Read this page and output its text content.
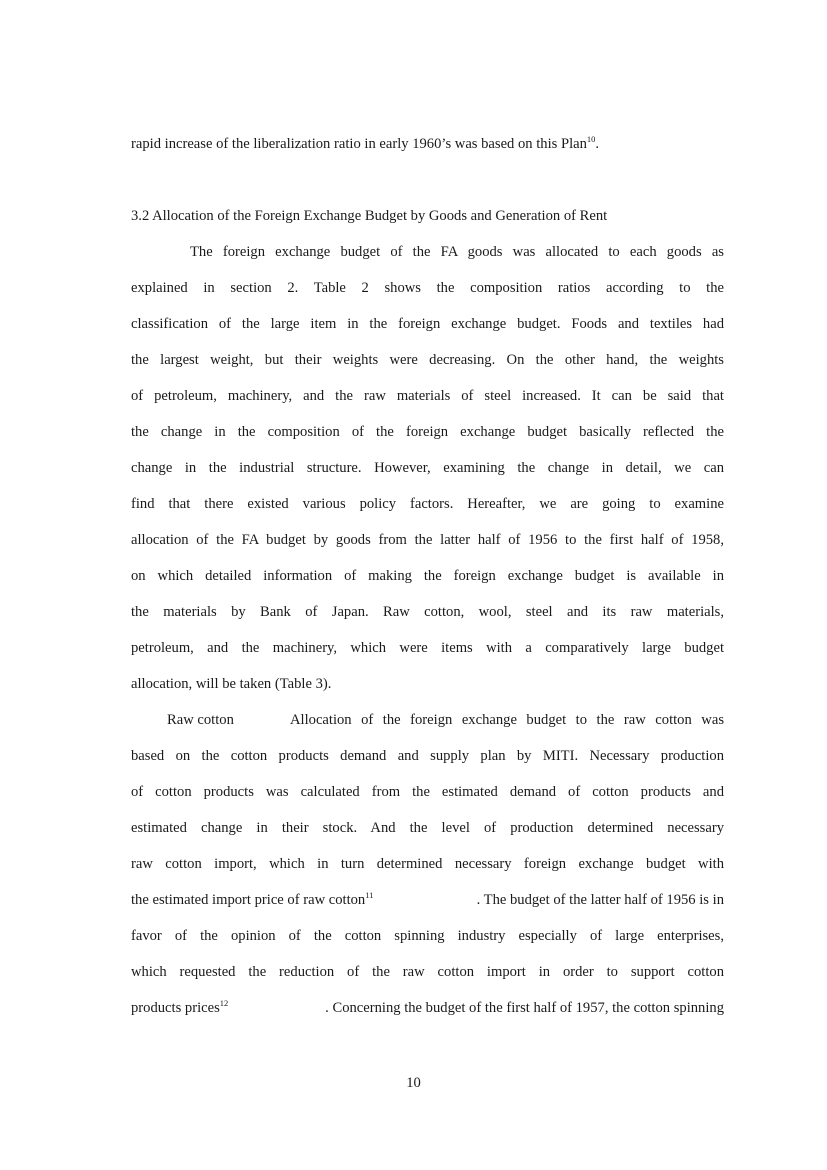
rapid increase of the liberalization ratio in early 1960’s was based on this Plan$^{10}$.
3.2 Allocation of the Foreign Exchange Budget by Goods and Generation of Rent
The foreign exchange budget of the FA goods was allocated to each goods as
explained in section 2. Table 2 shows the composition ratios according to the
classification of the large item in the foreign exchange budget. Foods and textiles had
the largest weight, but their weights were decreasing. On the other hand, the weights
of petroleum, machinery, and the raw materials of steel increased. It can be said that
the change in the composition of the foreign exchange budget basically reflected the
change in the industrial structure. However, examining the change in detail, we can
find that there existed various policy factors. Hereafter, we are going to examine
allocation of the FA budget by goods from the latter half of 1956 to the first half of 1958,
on which detailed information of making the foreign exchange budget is available in
the materials by Bank of Japan. Raw cotton, wool, steel and its raw materials,
petroleum, and the machinery, which were items with a comparatively large budget
allocation, will be taken (Table 3).
Raw cotton	Allocation of the foreign exchange budget to the raw cotton was
based on the cotton products demand and supply plan by MITI. Necessary production
of cotton products was calculated from the estimated demand of cotton products and
estimated change in their stock. And the level of production determined necessary
raw cotton import, which in turn determined necessary foreign exchange budget with
the estimated import price of raw cotton$^{11}$	. The budget of the latter half of 1956 is in
favor of the opinion of the cotton spinning industry especially of large enterprises,
which requested the reduction of the raw cotton import in order to support cotton
products prices$^{12}$	. Concerning the budget of the first half of 1957, the cotton spinning
10
